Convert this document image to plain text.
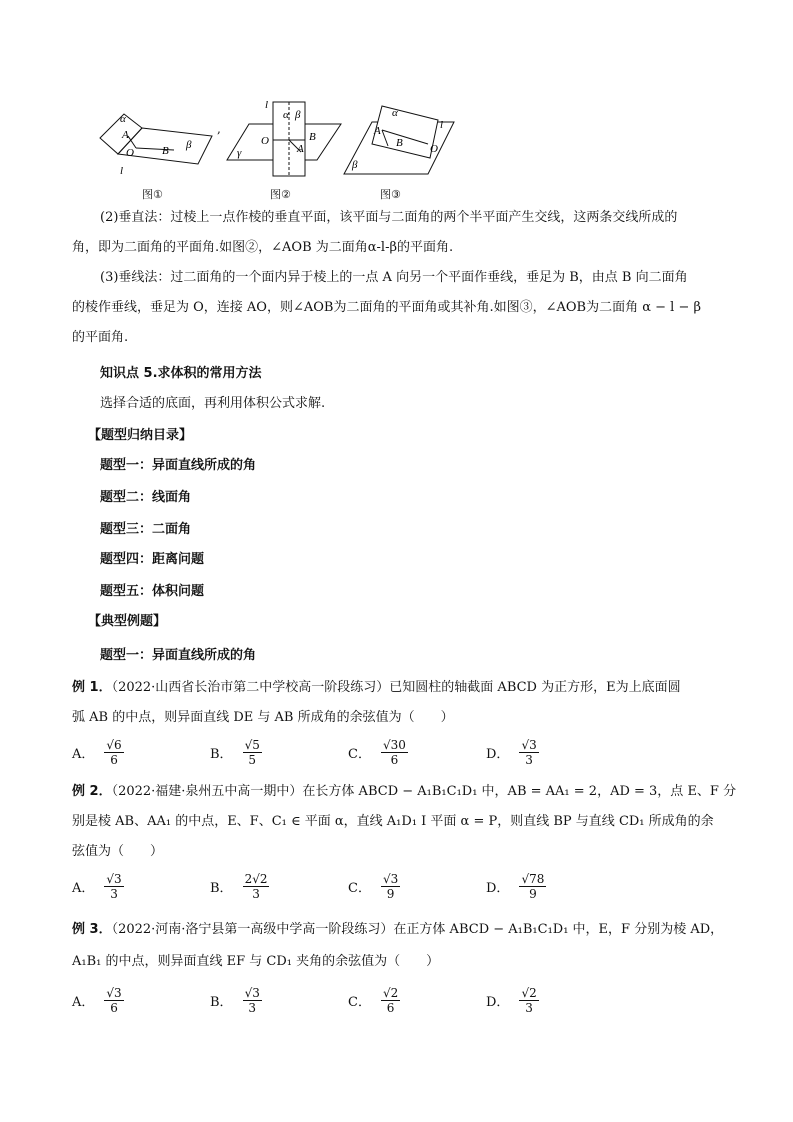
α
A
O	B β
l
图①
,
l
α β
O	B
A
γ
图②
α
l
A
B O
β
图③
(2)垂直法：过棱上一点作棱的垂直平面，该平面与二面角的两个半平面产生交线，这两条交线所成的
角，即为二面角的平面角.如图②，∠AOB 为二面角α-l-β的平面角.
(3)垂线法：过二面角的一个面内异于棱上的一点 A 向另一个平面作垂线，垂足为 B，由点 B 向二面角
的棱作垂线，垂足为 O，连接 AO，则∠AOB为二面角的平面角或其补角.如图③，∠AOB为二面角 α − l − β
的平面角.
知识点 5.求体积的常用方法
选择合适的底面，再利用体积公式求解.
【题型归纳目录】
题型一：异面直线所成的角
题型二：线面角
题型三：二面角
题型四：距离问题
题型五：体积问题
【典型例题】
题型一：异面直线所成的角
例 1．（2022·山西省长治市第二中学校高一阶段练习）已知圆柱的轴截面 ABCD 为正方形，E为上底面圆
弧 AB 的中点，则异面直线 DE 与 AB 所成角的余弦值为（　　）
A． $\frac{√6}{6}$	B． $\frac{√5}{5}$	C． $\frac{√30}{6}$	D． $\frac{√3}{3}$
例 2．（2022·福建·泉州五中高一期中）在长方体 ABCD − A₁B₁C₁D₁ 中，AB = AA₁ = 2，AD = 3，点 E、F 分
别是棱 AB、AA₁ 的中点，E、F、C₁ ∈ 平面 α，直线 A₁D₁ I 平面 α = P，则直线 BP 与直线 CD₁ 所成角的余
弦值为（　　）
A． $\frac{√3}{3}$	B． $\frac{2√2}{3}$	C． $\frac{√3}{9}$	D． $\frac{√78}{9}$
例 3．（2022·河南·洛宁县第一高级中学高一阶段练习）在正方体 ABCD − A₁B₁C₁D₁ 中，E，F 分别为棱 AD，
A₁B₁ 的中点，则异面直线 EF 与 CD₁ 夹角的余弦值为（　　）
A． $\frac{√3}{6}$	B． $\frac{√3}{3}$	C． $\frac{√2}{6}$	D． $\frac{√2}{3}$
